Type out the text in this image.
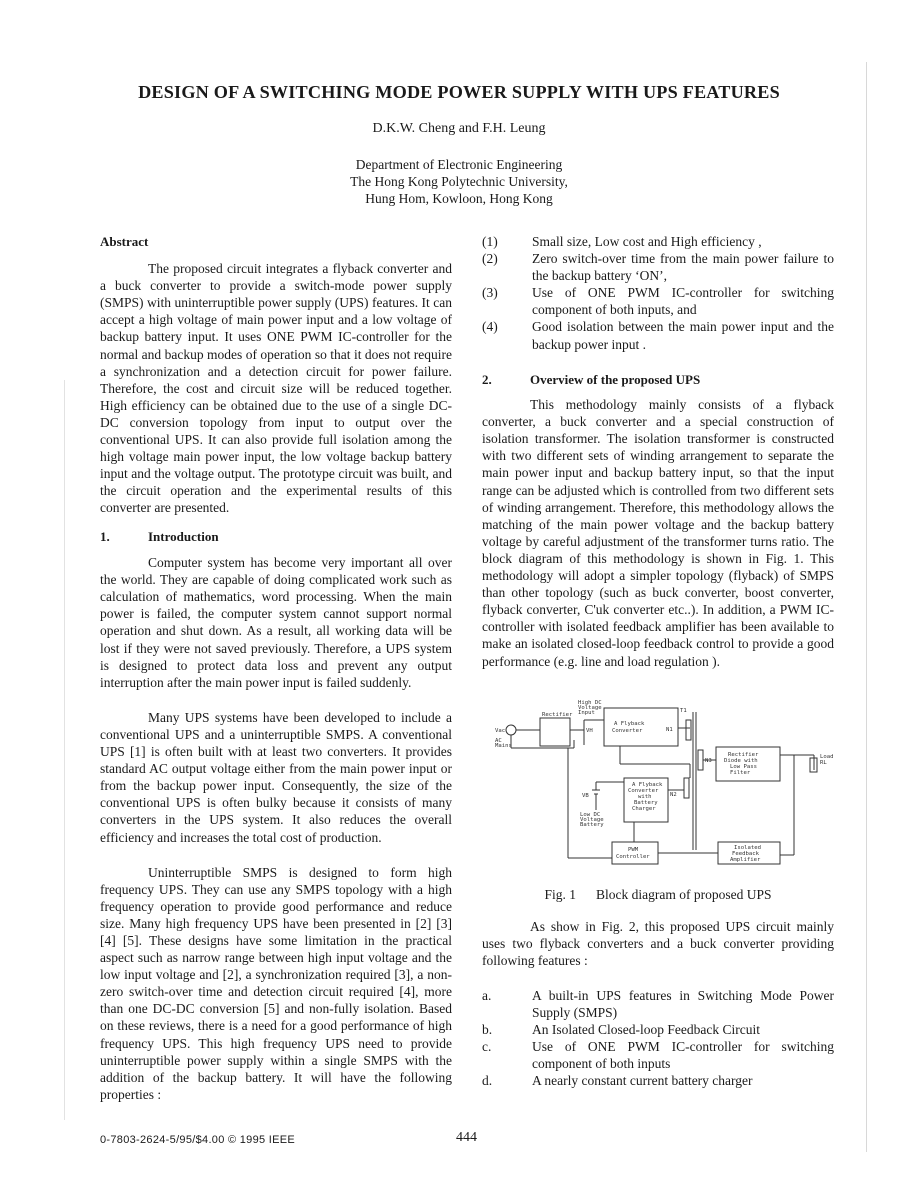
DESIGN OF A SWITCHING MODE POWER SUPPLY WITH UPS FEATURES
D.K.W. Cheng and F.H. Leung
Department of Electronic Engineering
The Hong Kong Polytechnic University,
Hung Hom, Kowloon, Hong Kong
Abstract

The proposed circuit integrates a flyback converter and a buck converter to provide a switch-mode power supply (SMPS) with uninterruptible power supply (UPS) features. It can accept a high voltage of main power input and a low voltage of backup battery input. It uses ONE PWM IC-controller for the normal and backup modes of operation so that it does not require a synchronization and a detection circuit for power failure. Therefore, the cost and circuit size will be reduced together. High efficiency can be obtained due to the use of a single DC-DC conversion topology from input to output over the conventional UPS. It can also provide full isolation among the high voltage main power input, the low voltage backup battery input and the voltage output. The prototype circuit was built, and the circuit operation and the experimental results of this converter are presented.

1.	Introduction

Computer system has become very important all over the world. They are capable of doing complicated work such as calculation of mathematics, word processing. When the main power is failed, the computer system cannot support normal operation and shut down. As a result, all working data will be lost if they were not saved previously. Therefore, a UPS system is designed to protect data loss and prevent any output interruption after the main power input is failed suddenly.

Many UPS systems have been developed to include a conventional UPS and a uninterruptible SMPS. A conventional UPS [1] is often built with at least two converters. It provides standard AC output voltage either from the main power input or from the backup power input. Consequently, the size of the conventional UPS is often bulky because it consists of many converters in the UPS system. It also reduces the overall efficiency and increases the total cost of production.

Uninterruptible SMPS is designed to form high frequency UPS. They can use any SMPS topology with a high frequency operation to provide good performance and reduce size. Many high frequency UPS have been presented in [2] [3] [4] [5]. These designs have some limitation in the practical aspect such as narrow range between high input voltage and the low input voltage and [2], a synchronization required [3], a non-zero switch-over time and detection circuit required [4], more than one DC-DC conversion [5] and non-fully isolation. Based on these reviews, there is a need for a good performance of high frequency UPS. This high frequency UPS need to provide uninterruptible power supply within a single SMPS with the addition of the backup battery. It will have the following properties :

(1)	Small size, Low cost and High efficiency ,
(2)	Zero switch-over time from the main power failure to the backup battery ‘ON’,
(3)	Use of ONE PWM IC-controller for switching component of both inputs, and
(4)	Good isolation between the main power input and the backup power input .
2.	Overview of the proposed UPS

This methodology mainly consists of a flyback converter, a buck converter and a special construction of isolation transformer. The isolation transformer is constructed with two different sets of winding arrangement to separate the main power input and backup battery input, so that the input range can be adjusted which is controlled from two different sets of winding arrangement. Therefore, this methodology allows the matching of the main power voltage and the backup battery voltage by careful adjustment of the transformer turns ratio. The block diagram of this methodology is shown in Fig. 1. This methodology will adopt a simpler topology (flyback) of SMPS than other topology (such as buck converter, boost converter, flyback converter, C'uk converter etc..). In addition, a PWM IC-controller with isolated feedback amplifier has been available to make an isolated closed-loop feedback control to provide a good performance (e.g. line and load regulation ).

Rectifier
High DC
Voltage
Input	T1
Vac
AC
Mains
VH
A Flyback
Converter	N1
N3
Rectifier
Diode with
Low Pass
Filter
Load
RL
A Flyback
Converter
with
Battery
Charger
VB	N2
Low DC
Voltage
Battery
PWM
Controller
Isolated
Feedback
Amplifier
Fig. 1 Block diagram of proposed UPS

As show in Fig. 2, this proposed UPS circuit mainly uses two flyback converters and a buck converter providing following features :

a.	A built-in UPS features in Switching Mode Power Supply (SMPS)
b.	An Isolated Closed-loop Feedback Circuit
c.	Use of ONE PWM IC-controller for switching component of both inputs
d.	A nearly constant current battery charger
0-7803-2624-5/95/$4.00 © 1995 IEEE	444
